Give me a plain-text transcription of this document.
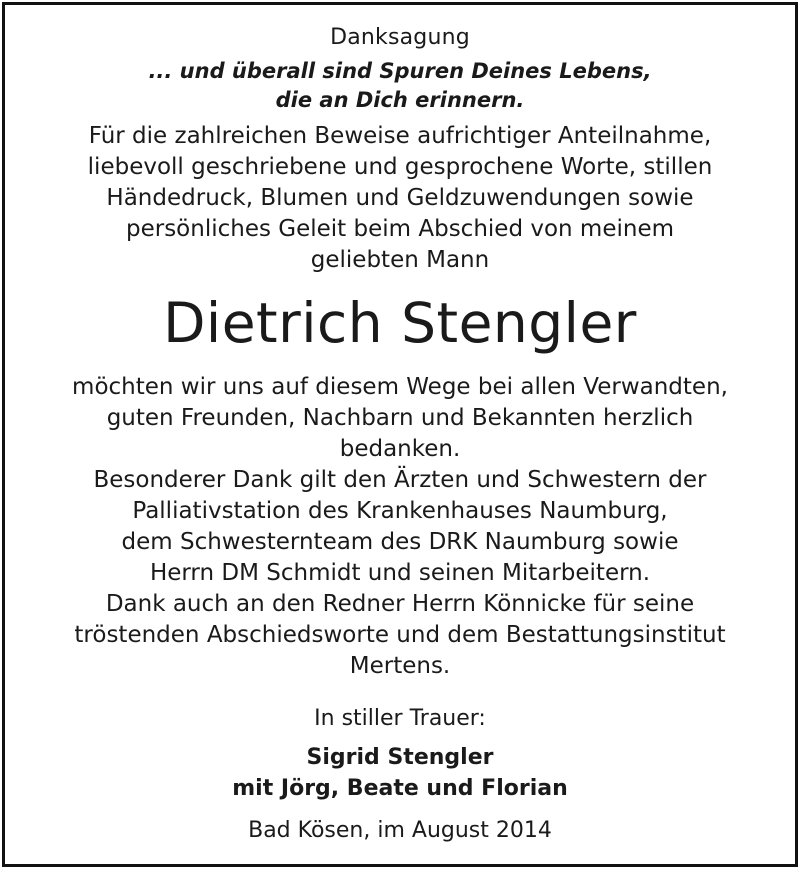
Danksagung
... und überall sind Spuren Deines Lebens,
die an Dich erinnern.
Für die zahlreichen Beweise aufrichtiger Anteilnahme,
liebevoll geschriebene und gesprochene Worte, stillen
Händedruck, Blumen und Geldzuwendungen sowie
persönliches Geleit beim Abschied von meinem
geliebten Mann
Dietrich Stengler
möchten wir uns auf diesem Wege bei allen Verwandten,
guten Freunden, Nachbarn und Bekannten herzlich
bedanken.
Besonderer Dank gilt den Ärzten und Schwestern der
Palliativstation des Krankenhauses Naumburg,
dem Schwesternteam des DRK Naumburg sowie
Herrn DM Schmidt und seinen Mitarbeitern.
Dank auch an den Redner Herrn Könnicke für seine
tröstenden Abschiedsworte und dem Bestattungsinstitut
Mertens.
In stiller Trauer:
Sigrid Stengler
mit Jörg, Beate und Florian
Bad Kösen, im August 2014
